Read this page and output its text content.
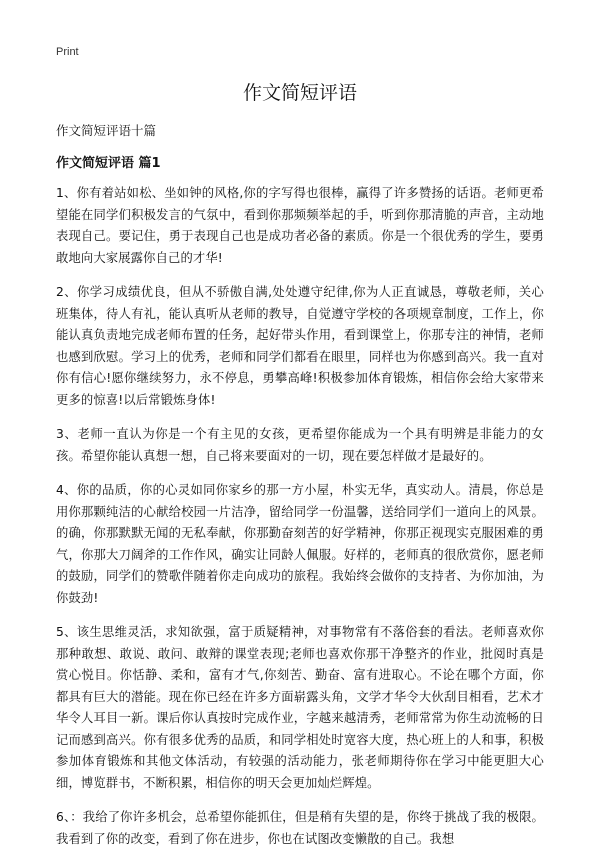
Print
作文简短评语
作文简短评语十篇
作文简短评语 篇1

1、你有着站如松、坐如钟的风格,你的字写得也很棒，赢得了许多赞扬的话语。老师更希望能在同学们积极发言的气氛中，看到你那频频举起的手，听到你那清脆的声音，主动地表现自己。要记住，勇于表现自己也是成功者必备的素质。你是一个很优秀的学生，要勇敢地向大家展露你自己的才华!

2、你学习成绩优良，但从不骄傲自满,处处遵守纪律,你为人正直诚恳，尊敬老师，关心班集体，待人有礼，能认真听从老师的教导，自觉遵守学校的各项规章制度，工作上，你能认真负责地完成老师布置的任务，起好带头作用，看到课堂上，你那专注的神情，老师也感到欣慰。学习上的优秀，老师和同学们都看在眼里，同样也为你感到高兴。我一直对你有信心!愿你继续努力，永不停息，勇攀高峰!积极参加体育锻炼，相信你会给大家带来更多的惊喜!以后常锻炼身体!

3、老师一直认为你是一个有主见的女孩，更希望你能成为一个具有明辨是非能力的女孩。希望你能认真想一想，自己将来要面对的一切，现在要怎样做才是最好的。

4、你的品质，你的心灵如同你家乡的那一方小屋，朴实无华，真实动人。清晨，你总是用你那颗纯洁的心献给校园一片洁净，留给同学一份温馨，送给同学们一道向上的风景。的确，你那默默无闻的无私奉献，你那勤奋刻苦的好学精神，你那正视现实克服困难的勇气，你那大刀阔斧的工作作风，确实让同龄人佩服。好样的，老师真的很欣赏你，愿老师的鼓励，同学们的赞歌伴随着你走向成功的旅程。我始终会做你的支持者、为你加油，为你鼓劲!

5、该生思维灵活，求知欲强，富于质疑精神，对事物常有不落俗套的看法。老师喜欢你那种敢想、敢说、敢问、敢辩的课堂表现;老师也喜欢你那干净整齐的作业，批阅时真是赏心悦目。你恬静、柔和，富有才气,你刻苦、勤奋、富有进取心。不论在哪个方面，你都具有巨大的潜能。现在你已经在许多方面崭露头角，文学才华令大伙刮目相看，艺术才华令人耳目一新。课后你认真按时完成作业，字越来越清秀，老师常常为你生动流畅的日记而感到高兴。你有很多优秀的品质，和同学相处时宽容大度，热心班上的人和事，积极参加体育锻炼和其他文体活动，有较强的活动能力，张老师期待你在学习中能更胆大心细，博览群书，不断积累，相信你的明天会更加灿烂辉煌。

6、：我给了你许多机会，总希望你能抓住，但是稍有失望的是，你终于挑战了我的极限。我看到了你的改变，看到了你在进步，你也在试图改变懒散的自己。我想
